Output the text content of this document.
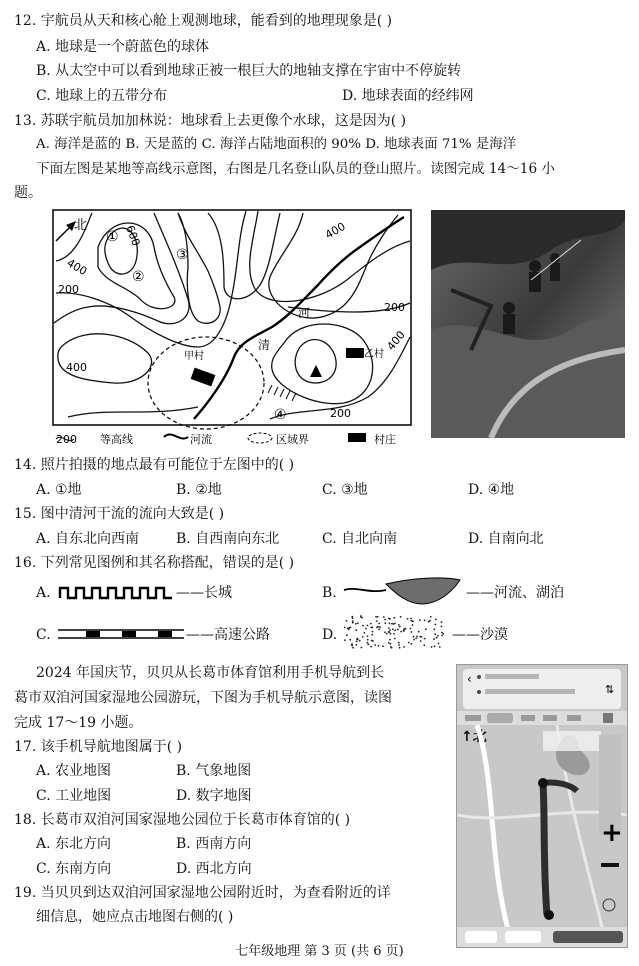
12. 宇航员从天和核心舱上观测地球，能看到的地理现象是( )
A. 地球是一个蔚蓝色的球体
B. 从太空中可以看到地球正被一根巨大的地轴支撑在宇宙中不停旋转
C. 地球上的五带分布	D. 地球表面的经纬网
13. 苏联宇航员加加林说：地球看上去更像个水球，这是因为( )
A. 海洋是蓝的 B. 天是蓝的 C. 海洋占陆地面积的 90% D. 地球表面 71% 是海洋
下面左图是某地等高线示意图，右图是几名登山队员的登山照片。读图完成 14～16 小
题。
北	600
400
200
400
200
400
400
200
河
清
甲村	乙村
①
②
③
④
200 等高线	河流	区域界	村庄
14. 照片拍摄的地点最有可能位于左图中的( )
A. ①地	B. ②地	C. ③地	D. ④地
15. 图中清河干流的流向大致是( )
A. 自东北向西南	B. 自西南向东北	C. 自北向南	D. 自南向北
16. 下列常见图例和其名称搭配，错误的是( )
A.	——长城	B.	——河流、湖泊
C.	——高速公路	D.	——沙漠
2024 年国庆节，贝贝从长葛市体育馆利用手机导航到长
葛市双洎河国家湿地公园游玩，下图为手机导航示意图，读图
完成 17～19 小题。
17. 该手机导航地图属于( )
A. 农业地图	B. 气象地图
C. 工业地图	D. 数字地图
18. 长葛市双洎河国家湿地公园位于长葛市体育馆的( )
A. 东北方向	B. 西南方向
C. 东南方向	D. 西北方向
19. 当贝贝到达双洎河国家湿地公园附近时，为查看附近的详
细信息，她应点击地图右侧的( )
‹
⇅
↑北
+
七年级地理 第 3 页 (共 6 页)
